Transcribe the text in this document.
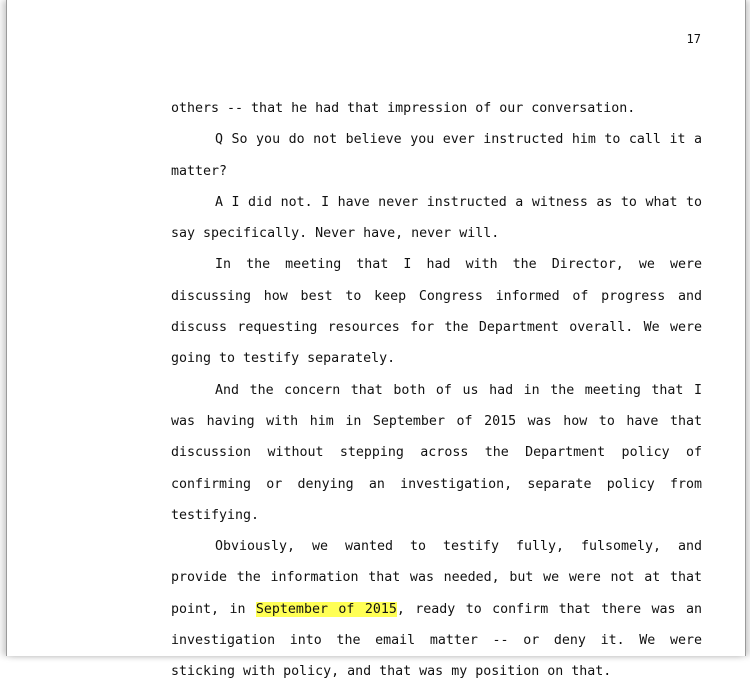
17

others -- that he had that impression of our conversation.

Q So you do not believe you ever instructed him to call it a matter?

A I did not. I have never instructed a witness as to what to say specifically. Never have, never will.

In the meeting that I had with the Director, we were discussing how best to keep Congress informed of progress and discuss requesting resources for the Department overall. We were going to testify separately.

And the concern that both of us had in the meeting that I was having with him in September of 2015 was how to have that discussion without stepping across the Department policy of confirming or denying an investigation, separate policy from testifying.

Obviously, we wanted to testify fully, fulsomely, and provide the information that was needed, but we were not at that point, in September of 2015, ready to confirm that there was an investigation into the email matter -- or deny it. We were sticking with policy, and that was my position on that.
